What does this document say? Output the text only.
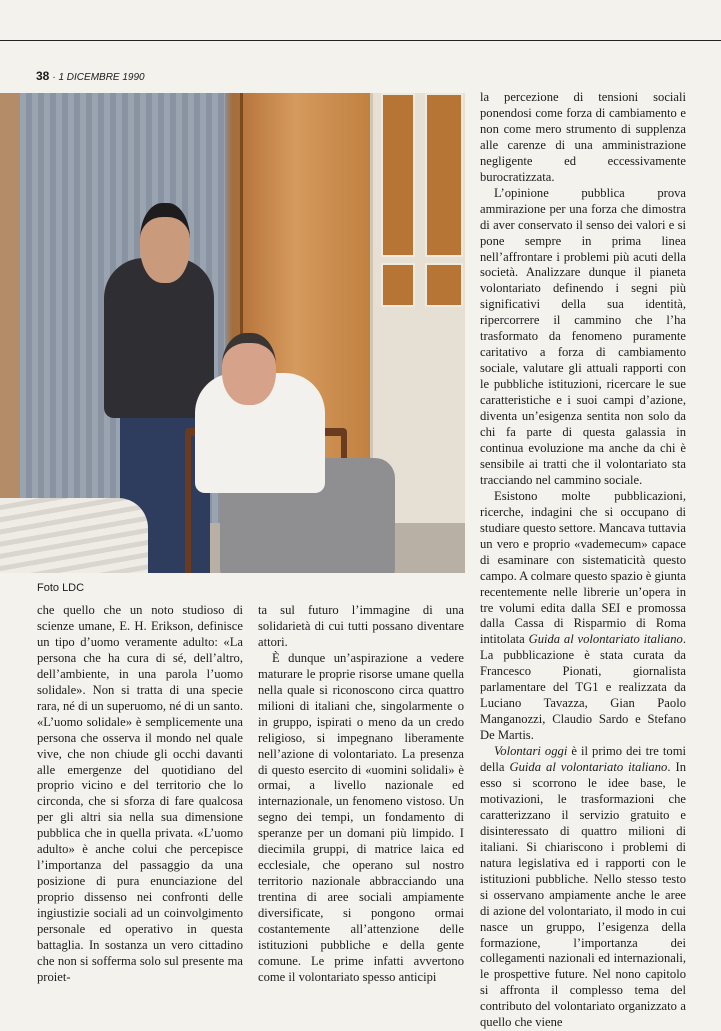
38 · 1 DICEMBRE 1990
Foto LDC

che quello che un noto studioso di scienze umane, E. H. Erikson, definisce un tipo d’uomo veramente adulto: «La persona che ha cura di sé, dell’altro, dell’ambiente, in una parola l’uomo solidale». Non si tratta di una specie rara, né di un superuomo, né di un santo. «L’uomo solidale» è semplicemente una persona che osserva il mondo nel quale vive, che non chiude gli occhi davanti alle emergenze del quotidiano del proprio vicino e del territorio che lo circonda, che si sforza di fare qualcosa per gli altri sia nella sua dimensione pubblica che in quella privata. «L’uomo adulto» è anche colui che percepisce l’importanza del passaggio da una posizione di pura enunciazione del proprio dissenso nei confronti delle ingiustizie sociali ad un coinvolgimento personale ed operativo in questa battaglia. In sostanza un vero cittadino che non si sofferma solo sul presente ma proiet-

ta sul futuro l’immagine di una solidarietà di cui tutti possano diventare attori.

È dunque un’aspirazione a vedere maturare le proprie risorse umane quella nella quale si riconoscono circa quattro milioni di italiani che, singolarmente o in gruppo, ispirati o meno da un credo religioso, si impegnano liberamente nell’azione di volontariato. La presenza di questo esercito di «uomini solidali» è ormai, a livello nazionale ed internazionale, un fenomeno vistoso. Un segno dei tempi, un fondamento di speranze per un domani più limpido. I diecimila gruppi, di matrice laica ed ecclesiale, che operano sul nostro territorio nazionale abbracciando una trentina di aree sociali ampiamente diversificate, si pongono ormai costantemente all’attenzione delle istituzioni pubbliche e della gente comune. Le prime infatti avvertono come il volontariato spesso anticipi

la percezione di tensioni sociali ponendosi come forza di cambiamento e non come mero strumento di supplenza alle carenze di una amministrazione negligente ed eccessivamente burocratizzata.

L’opinione pubblica prova ammirazione per una forza che dimostra di aver conservato il senso dei valori e si pone sempre in prima linea nell’affrontare i problemi più acuti della società. Analizzare dunque il pianeta volontariato definendo i segni più significativi della sua identità, ripercorrere il cammino che l’ha trasformato da fenomeno puramente caritativo a forza di cambiamento sociale, valutare gli attuali rapporti con le pubbliche istituzioni, ricercare le sue caratteristiche e i suoi campi d’azione, diventa un’esigenza sentita non solo da chi fa parte di questa galassia in continua evoluzione ma anche da chi è sensibile ai tratti che il volontariato sta tracciando nel cammino sociale.

Esistono molte pubblicazioni, ricerche, indagini che si occupano di studiare questo settore. Mancava tuttavia un vero e proprio «vademecum» capace di esaminare con sistematicità questo campo. A colmare questo spazio è giunta recentemente nelle librerie un’opera in tre volumi edita dalla SEI e promossa dalla Cassa di Risparmio di Roma intitolata Guida al volontariato italiano. La pubblicazione è stata curata da Francesco Pionati, giornalista parlamentare del TG1 e realizzata da Luciano Tavazza, Gian Paolo Manganozzi, Claudio Sardo e Stefano De Martis.

Volontari oggi è il primo dei tre tomi della Guida al volontariato italiano. In esso si scorrono le idee base, le motivazioni, le trasformazioni che caratterizzano il servizio gratuito e disinteressato di quattro milioni di italiani. Si chiariscono i problemi di natura legislativa ed i rapporti con le istituzioni pubbliche. Nello stesso testo si osservano ampiamente anche le aree di azione del volontariato, il modo in cui nasce un gruppo, l’esigenza della formazione, l’importanza dei collegamenti nazionali ed internazionali, le prospettive future. Nel nono capitolo si affronta il complesso tema del contributo del volontariato organizzato a quello che viene
